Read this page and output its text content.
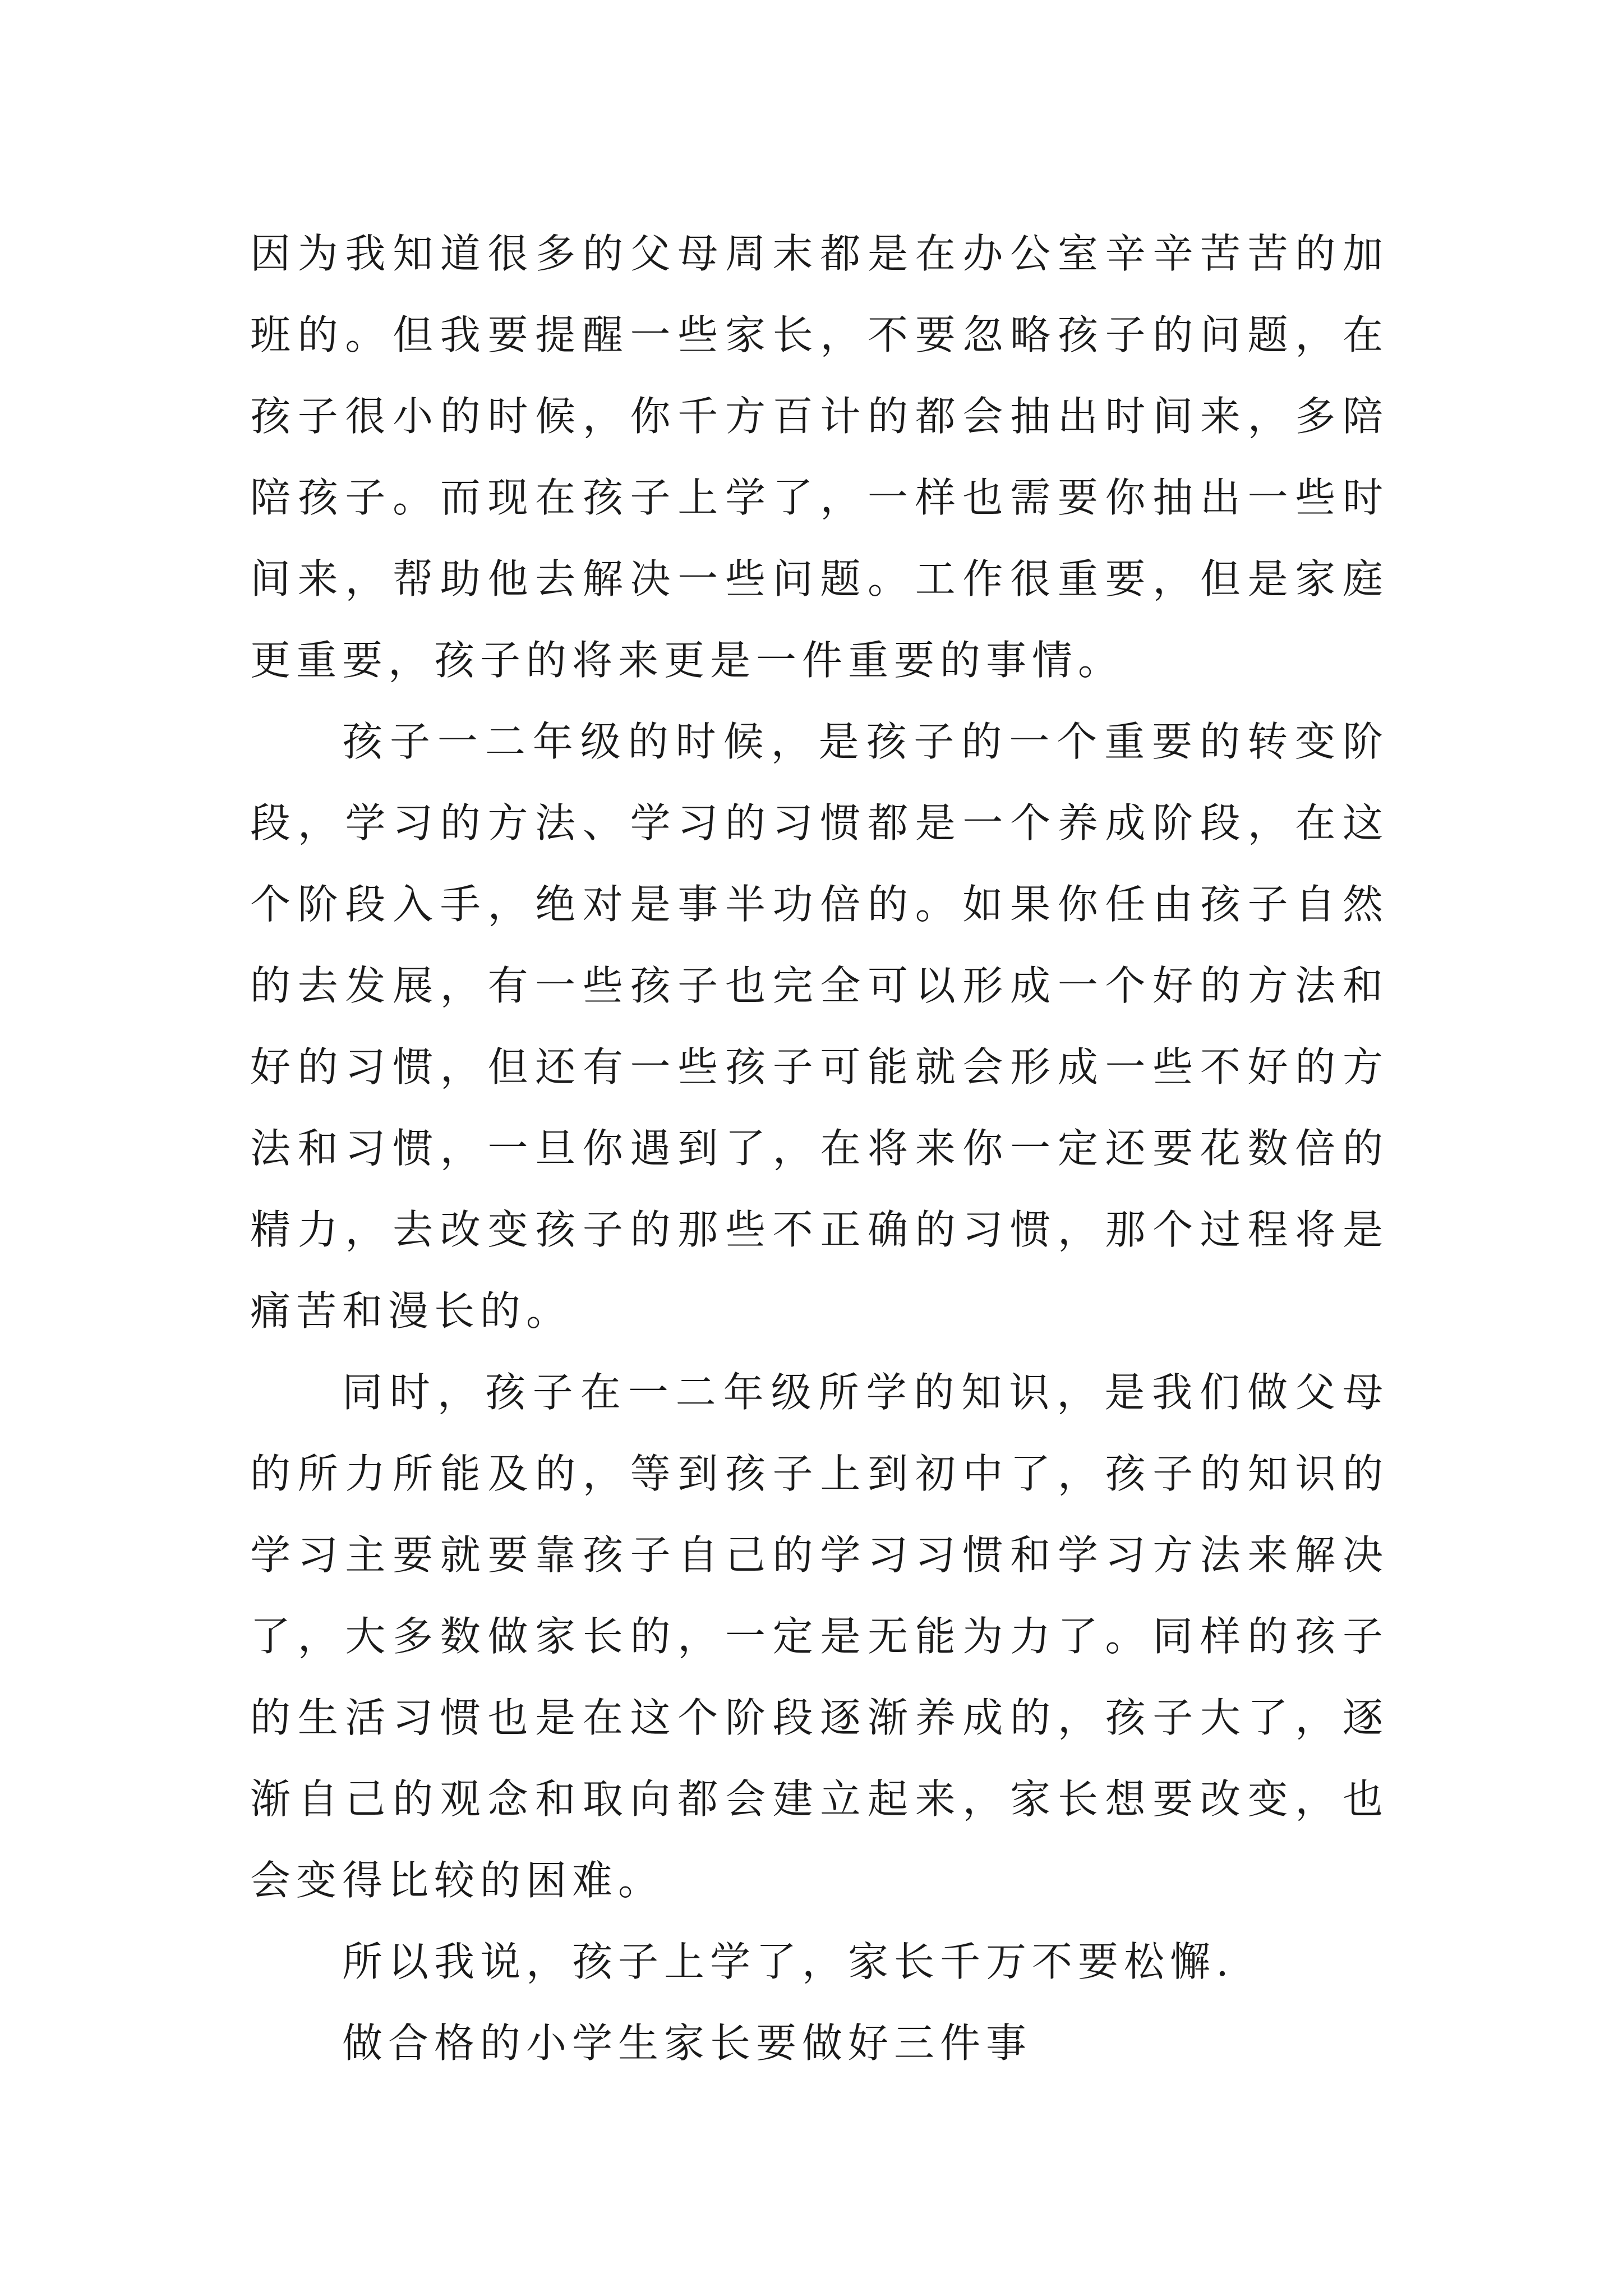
因为我知道很多的父母周末都是在办公室辛辛苦苦的加班的。但我要提醒一些家长，不要忽略孩子的问题，在孩子很小的时候，你千方百计的都会抽出时间来，多陪陪孩子。而现在孩子上学了，一样也需要你抽出一些时间来，帮助他去解决一些问题。工作很重要，但是家庭更重要，孩子的将来更是一件重要的事情。

孩子一二年级的时候，是孩子的一个重要的转变阶段，学习的方法、学习的习惯都是一个养成阶段，在这个阶段入手，绝对是事半功倍的。如果你任由孩子自然的去发展，有一些孩子也完全可以形成一个好的方法和好的习惯，但还有一些孩子可能就会形成一些不好的方法和习惯，一旦你遇到了，在将来你一定还要花数倍的精力，去改变孩子的那些不正确的习惯，那个过程将是痛苦和漫长的。

同时，孩子在一二年级所学的知识，是我们做父母的所力所能及的，等到孩子上到初中了，孩子的知识的学习主要就要靠孩子自己的学习习惯和学习方法来解决了，大多数做家长的，一定是无能为力了。同样的孩子的生活习惯也是在这个阶段逐渐养成的，孩子大了，逐渐自己的观念和取向都会建立起来，家长想要改变，也会变得比较的困难。

所以我说，孩子上学了，家长千万不要松懈.

做合格的小学生家长要做好三件事
